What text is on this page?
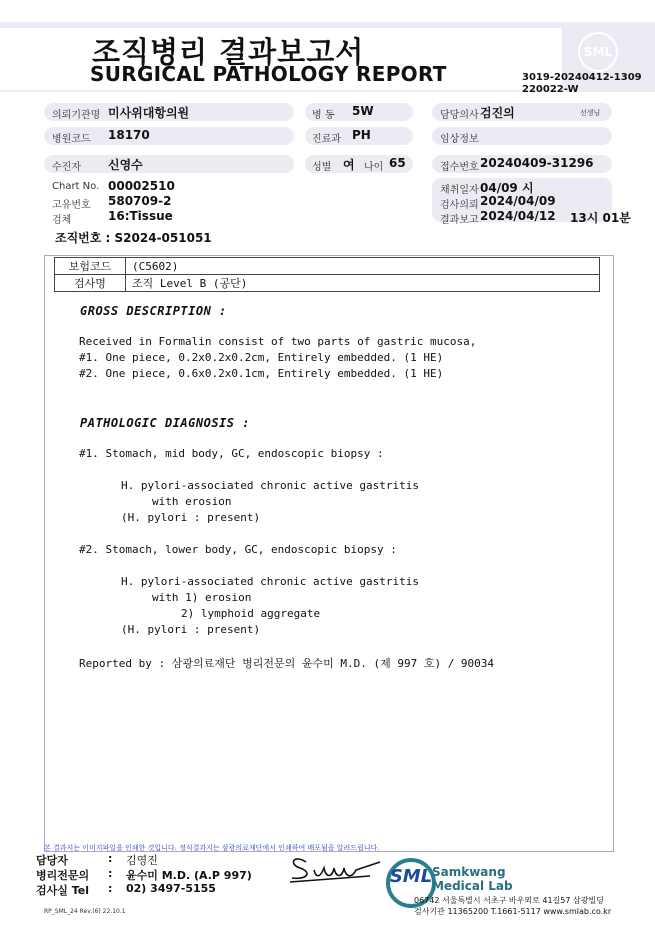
조직병리 결과보고서
SURGICAL PATHOLOGY REPORT
SML
3019-20240412-1309
220022-W
의뢰기관명 미사위대항의원
병원코드 18170
수진자 신영수
병 동 5W
진료과 PH
성별 여 나이 65
담당의사 검진의	선생님
임상정보
접수번호 20240409-31296
Chart No. 00002510
고유번호 580709-2
검체	16:Tissue
채취일자 04/09 시
검사의뢰 2024/04/09
결과보고 2024/04/12 13시 01분
조직번호 : S2024-051051
보험코드	(C5602)
검사명	조직 Level B (공단)
GROSS DESCRIPTION :
Received in Formalin consist of two parts of gastric mucosa,
#1. One piece, 0.2x0.2x0.2cm, Entirely embedded. (1 HE)
#2. One piece, 0.6x0.2x0.1cm, Entirely embedded. (1 HE)
PATHOLOGIC DIAGNOSIS :
#1. Stomach, mid body, GC, endoscopic biopsy :
H. pylori-associated chronic active gastritis
with erosion
(H. pylori : present)
#2. Stomach, lower body, GC, endoscopic biopsy :
H. pylori-associated chronic active gastritis
with 1) erosion
2) lymphoid aggregate
(H. pylori : present)
Reported by : 삼광의료재단 병리전문의 윤수미 M.D. (제 997 호) / 90034
본 결과지는 이미지파일을 인쇄한 것입니다. 정식결과지는 삼광의료재단에서 인쇄하여 배포됨을 알려드립니다.
담당자	: 김영진
병리전문의 : 윤수미 M.D. (A.P 997)
검사실 Tel : 02) 3497-5155
SML Samkwang
Medical Lab
06742 서울특별시 서초구 바우뫼로 41길57 삼광빌딩
검사기관 11365200 T.1661-5117 www.smlab.co.kr
RP_SML_24 Rev.(6) 22.10.1
